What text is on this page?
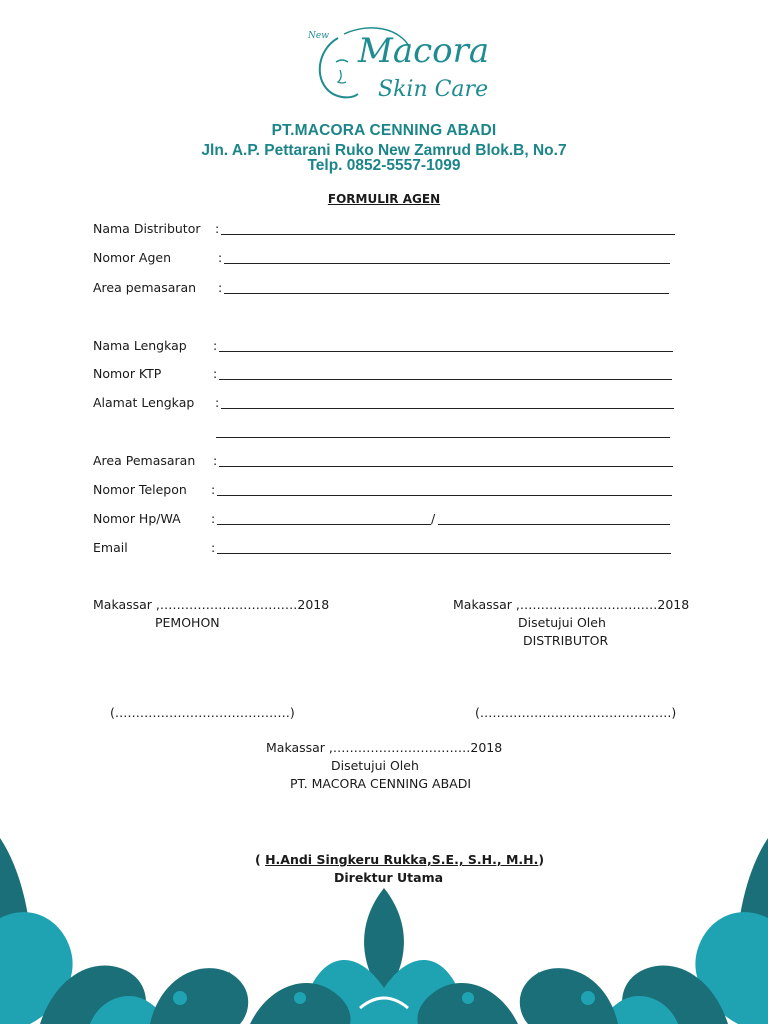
New Macora
Skin Care
PT.MACORA CENNING ABADI
Jln. A.P. Pettarani Ruko New Zamrud Blok.B, No.7
Telp. 0852-5557-1099
FORMULIR AGEN
Nama Distributor :
Nomor Agen	:
Area pemasaran :
Nama Lengkap :
Nomor KTP	:
Alamat Lengkap :
Area Pemasaran :
Nomor Telepon :
Nomor Hp/WA :	/
Email	:
Makassar ,……………………………2018
PEMOHON
(……………………………………)
Makassar ,……………………………2018
Disetujui Oleh
DISTRIBUTOR
(……………………………………….)
Makassar ,……………………………2018
Disetujui Oleh
PT. MACORA CENNING ABADI
( H.Andi Singkeru Rukka,S.E., S.H., M.H.)
Direktur Utama
